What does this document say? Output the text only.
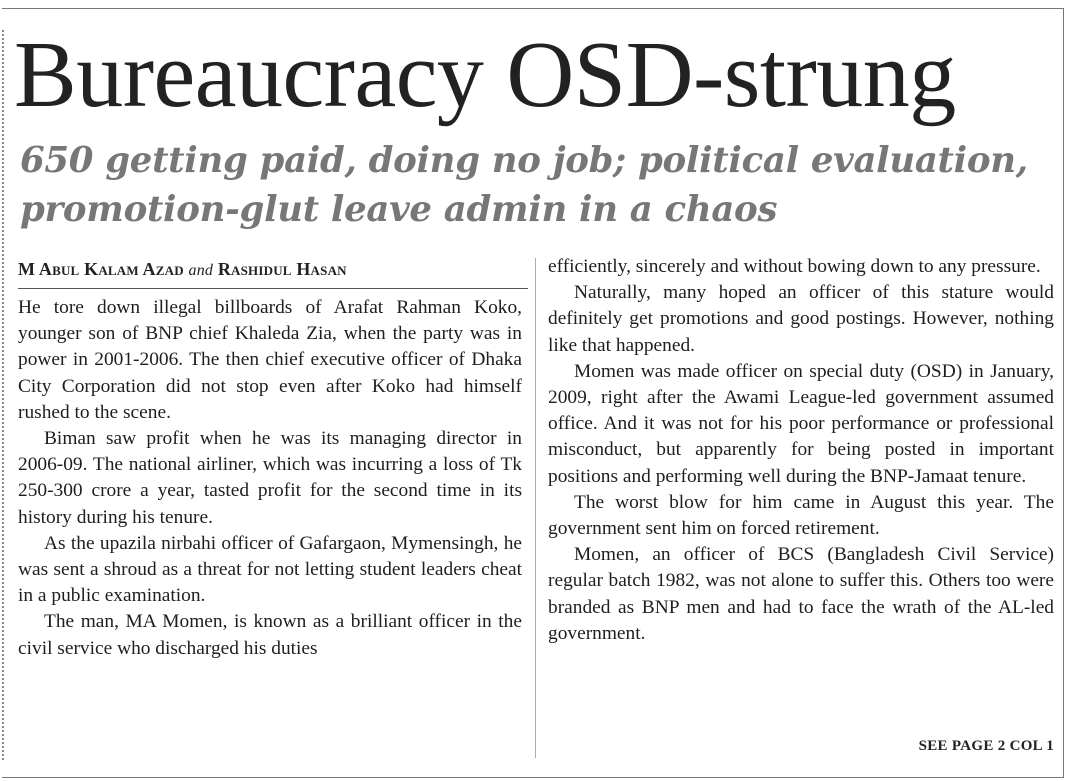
Bureaucracy OSD-strung
650 getting paid, doing no job; political evaluation,
promotion-glut leave admin in a chaos
M Abul Kalam Azad and Rashidul Hasan

He tore down illegal billboards of Arafat Rahman Koko, younger son of BNP chief Khaleda Zia, when the party was in power in 2001-2006. The then chief executive officer of Dhaka City Corporation did not stop even after Koko had himself rushed to the scene.

Biman saw profit when he was its managing director in 2006-09. The national airliner, which was incurring a loss of Tk 250-300 crore a year, tasted profit for the second time in its history during his tenure.

As the upazila nirbahi officer of Gafargaon, Mymensingh, he was sent a shroud as a threat for not letting student leaders cheat in a public examination.

The man, MA Momen, is known as a brilliant officer in the civil service who discharged his duties

efficiently, sincerely and without bowing down to any pressure.

Naturally, many hoped an officer of this stature would definitely get promotions and good postings. However, nothing like that happened.

Momen was made officer on special duty (OSD) in January, 2009, right after the Awami League-led government assumed office. And it was not for his poor performance or professional misconduct, but apparently for being posted in important positions and performing well during the BNP-Jamaat tenure.

The worst blow for him came in August this year. The government sent him on forced retirement.

Momen, an officer of BCS (Bangladesh Civil Service) regular batch 1982, was not alone to suffer this. Others too were branded as BNP men and had to face the wrath of the AL-led government.

SEE PAGE 2 COL 1
